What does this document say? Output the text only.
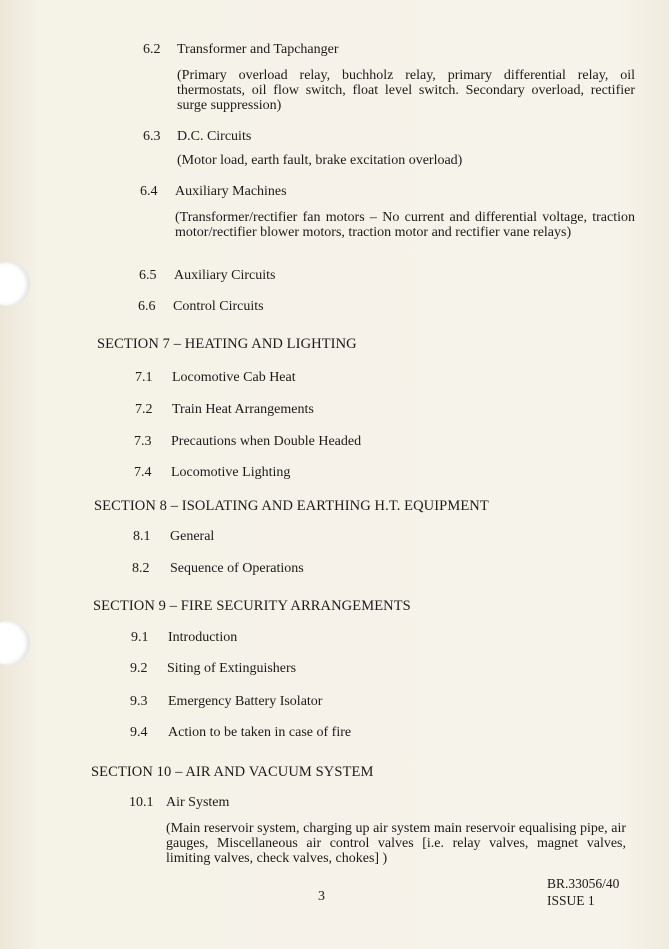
6.2 Transformer and Tapchanger
(Primary overload relay, buchholz relay, primary differential relay, oil thermostats, oil flow switch, float level switch. Secondary overload, rectifier surge suppression)
6.3 D.C. Circuits
(Motor load, earth fault, brake excitation overload)
6.4 Auxiliary Machines
(Transformer/rectifier fan motors – No current and differential voltage, traction motor/rectifier blower motors, traction motor and rectifier vane relays)
6.5 Auxiliary Circuits
6.6 Control Circuits
SECTION 7 – HEATING AND LIGHTING
7.1 Locomotive Cab Heat
7.2 Train Heat Arrangements
7.3 Precautions when Double Headed
7.4 Locomotive Lighting
SECTION 8 – ISOLATING AND EARTHING H.T. EQUIPMENT
8.1 General
8.2 Sequence of Operations
SECTION 9 – FIRE SECURITY ARRANGEMENTS
9.1 Introduction
9.2 Siting of Extinguishers
9.3 Emergency Battery Isolator
9.4 Action to be taken in case of fire
SECTION 10 – AIR AND VACUUM SYSTEM
10.1 Air System
(Main reservoir system, charging up air system main reservoir equalising pipe, air gauges, Miscellaneous air control valves [i.e. relay valves, magnet valves, limiting valves, check valves, chokes] )
3
BR.33056/40
ISSUE 1
